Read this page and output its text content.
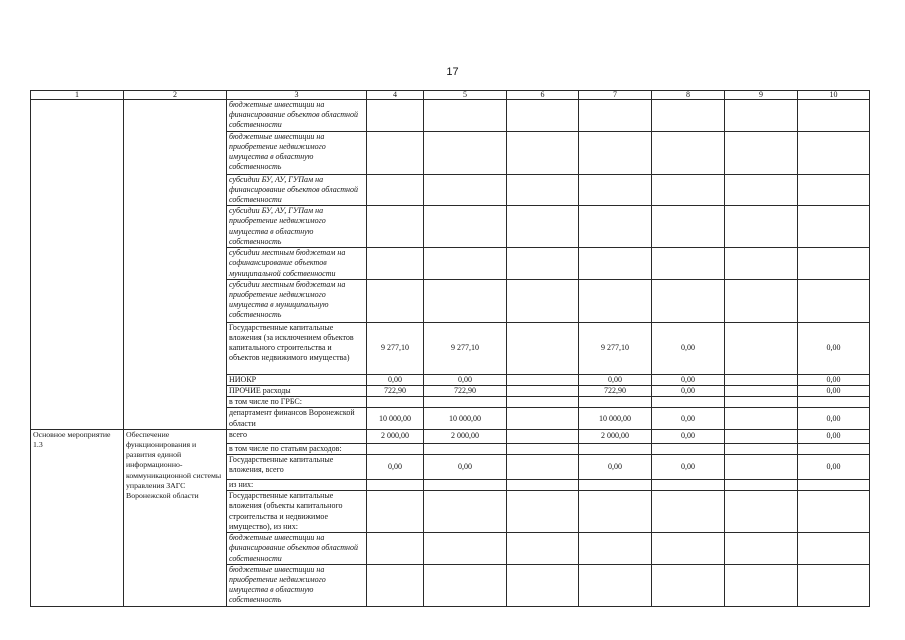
17
1	2	3	4	5	6	7	8	9	10
		бюджетные инвестиции на финансирование объектов областной собственности							
		бюджетные инвестиции на приобретение недвижимого имущества в областную собственность							
		субсидии БУ, АУ, ГУПам на финансирование объектов областной собственности							
		субсидии БУ, АУ, ГУПам на приобретение недвижимого имущества в областную собственность							
		субсидии местным бюджетам на софинансирование объектов муниципальной собственности							
		субсидии местным бюджетам на приобретение недвижимого имущества в муниципальную собственность							
		Государственные капитальные вложения (за исключением объектов капитального строительства и объектов недвижимого имущества)	9 277,10	9 277,10		9 277,10	0,00		0,00
		НИОКР	0,00	0,00		0,00	0,00		0,00
		ПРОЧИЕ расходы	722,90	722,90		722,90	0,00		0,00
		в том числе по ГРБС:							
		департамент финансов Воронежской области	10 000,00	10 000,00		10 000,00	0,00		0,00
Основное мероприятие 1.3	Обеспечение функционирования и развития единой информационно-коммуникационной системы управления ЗАГС Воронежской области	всего	2 000,00	2 000,00		2 000,00	0,00		0,00
		в том числе по статьям расходов:							
		Государственные капитальные вложения, всего	0,00	0,00		0,00	0,00		0,00
		из них:							
		Государственные капитальные вложения (объекты капитального строительства и недвижимое имущество), из них:							
		бюджетные инвестиции на финансирование объектов областной собственности							
		бюджетные инвестиции на приобретение недвижимого имущества в областную собственность							
